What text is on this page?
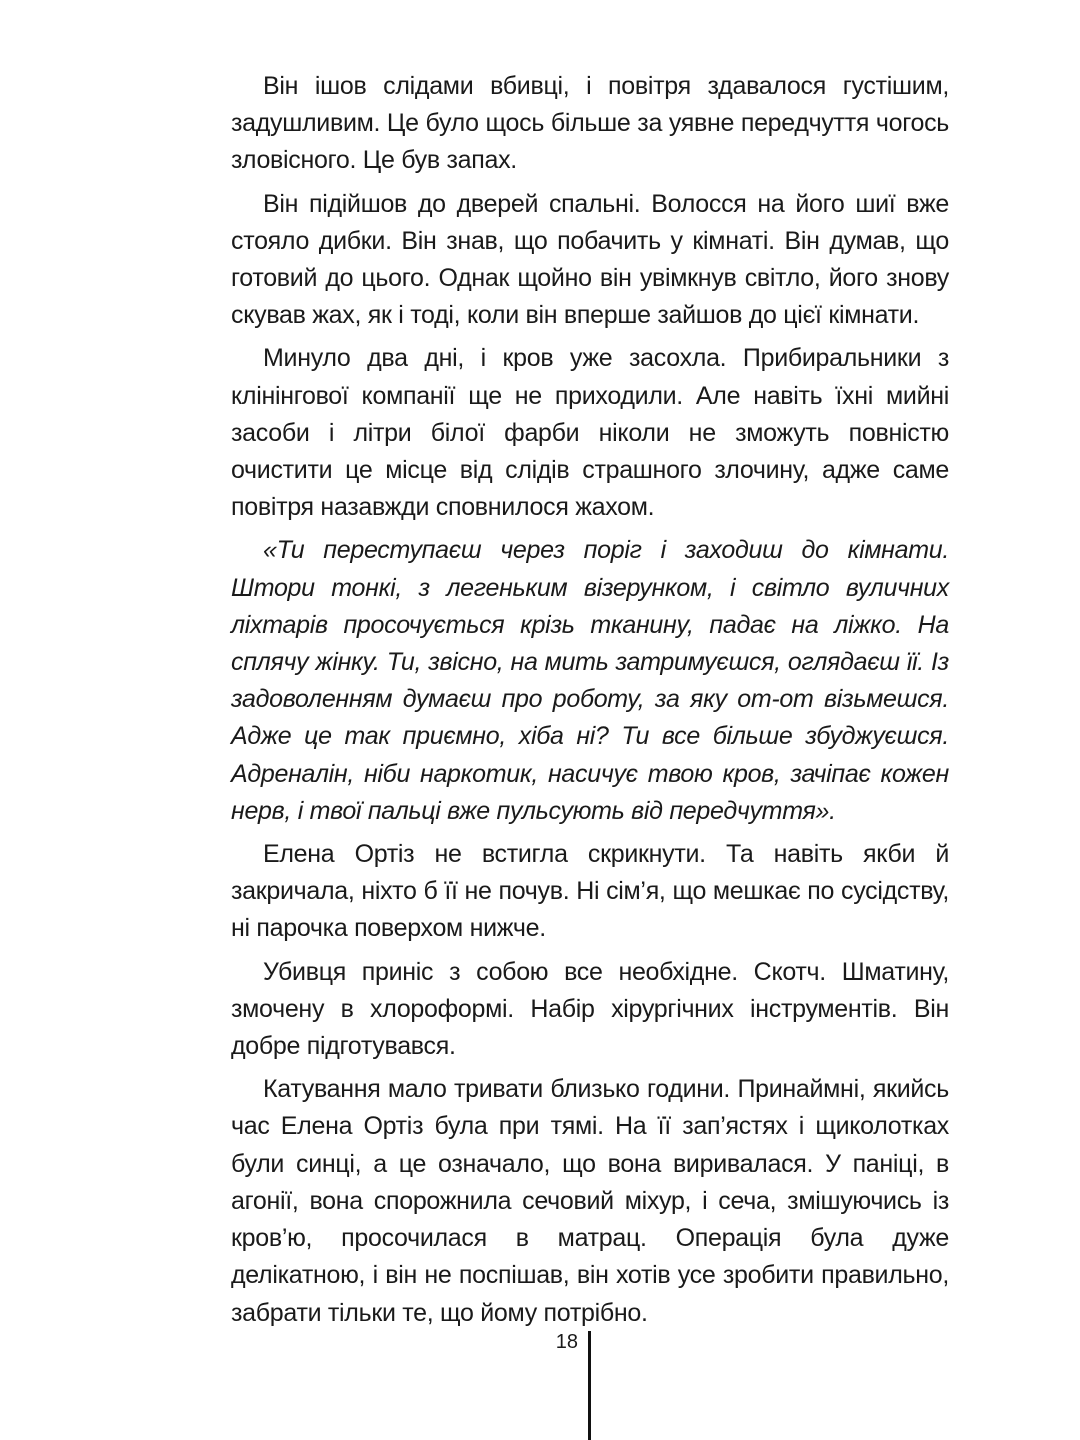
Він ішов слідами вбивці, і повітря здавалося густішим, задушливим. Це було щось більше за уявне передчуття чогось зловісного. Це був запах.

Він підійшов до дверей спальні. Волосся на його шиї вже стояло дибки. Він знав, що побачить у кімнаті. Він думав, що готовий до цього. Однак щойно він увімкнув світло, його знову скував жах, як і тоді, коли він вперше зайшов до цієї кімнати.

Минуло два дні, і кров уже засохла. Прибиральники з клінінгової компанії ще не приходили. Але навіть їхні мийні засоби і літри білої фарби ніколи не зможуть повністю очистити це місце від слідів страшного злочину, адже саме повітря назавжди сповнилося жахом.

«Ти переступаєш через поріг і заходиш до кімнати. Штори тонкі, з легеньким візерунком, і світло вуличних ліхтарів просочується крізь тканину, падає на ліжко. На сплячу жінку. Ти, звісно, на мить затримуєшся, оглядаєш її. Із задоволенням думаєш про роботу, за яку от-от візьмешся. Адже це так приємно, хіба ні? Ти все більше збуджуєшся. Адреналін, ніби наркотик, насичує твою кров, зачіпає кожен нерв, і твої пальці вже пульсують від передчуття».

Елена Ортіз не встигла скрикнути. Та навіть якби й закричала, ніхто б її не почув. Ні сім’я, що мешкає по сусідству, ні парочка поверхом нижче.

Убивця приніс з собою все необхідне. Скотч. Шматину, змочену в хлороформі. Набір хірургічних інструментів. Він добре підготувався.

Катування мало тривати близько години. Принаймні, якийсь час Елена Ортіз була при тямі. На її зап’ястях і щиколотках були синці, а це означало, що вона виривалася. У паніці, в агонії, вона спорожнила сечовий міхур, і сеча, змішуючись із кров’ю, просочилася в матрац. Операція була дуже делікатною, і він не поспішав, він хотів усе зробити правильно, забрати тільки те, що йому потрібно.

18
